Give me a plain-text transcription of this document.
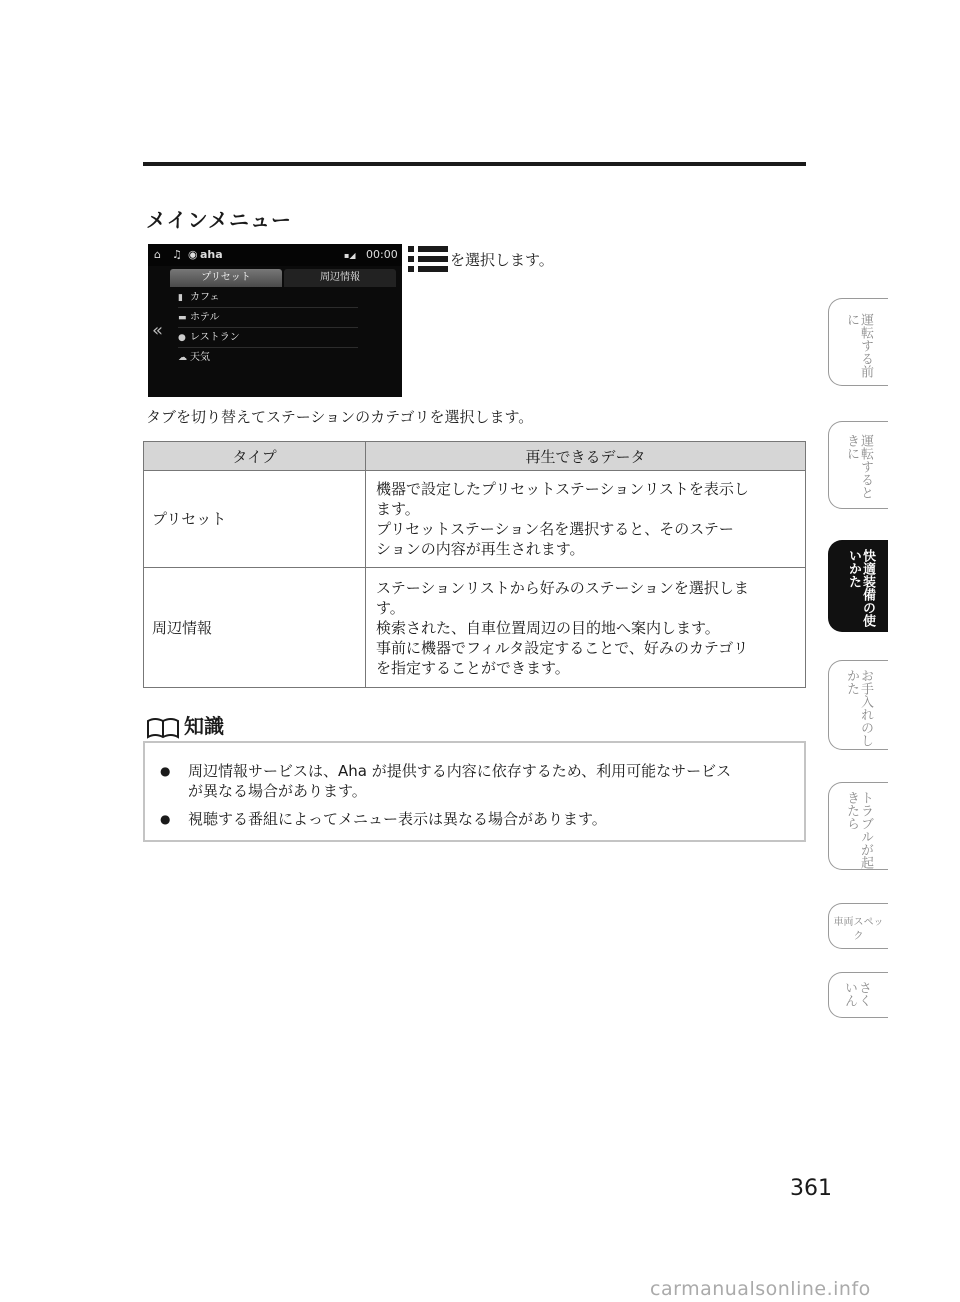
メインメニュー
⌂ ♫ ◉ aha	▪◢ 00:00
プリセット	周辺情報
«
▮ カフェ
▬ ホテル
● レストラン
☁ 天気
を選択します。
タブを切り替えてステーションのカテゴリを選択します。
タイプ	再生できるデータ
プリセット	機器で設定したプリセットステーションリストを表示し
ます。
プリセットステーション名を選択すると、そのステー
ションの内容が再生されます。

周辺情報	ステーションリストから好みのステーションを選択しま
す。
検索された、自車位置周辺の目的地へ案内します。
事前に機器でフィルタ設定することで、好みのカテゴリ
を指定することができます。
知識
● 周辺情報サービスは、Aha が提供する内容に依存するため、利用可能なサービス
が異なる場合があります。
● 視聴する番組によってメニュー表示は異なる場合があります。
運転する前に
運転するときに
快適装備の使いかた
お手入れのしかた
トラブルが起きたら
車両スペック
さくいん
361
carmanualsonline.info
